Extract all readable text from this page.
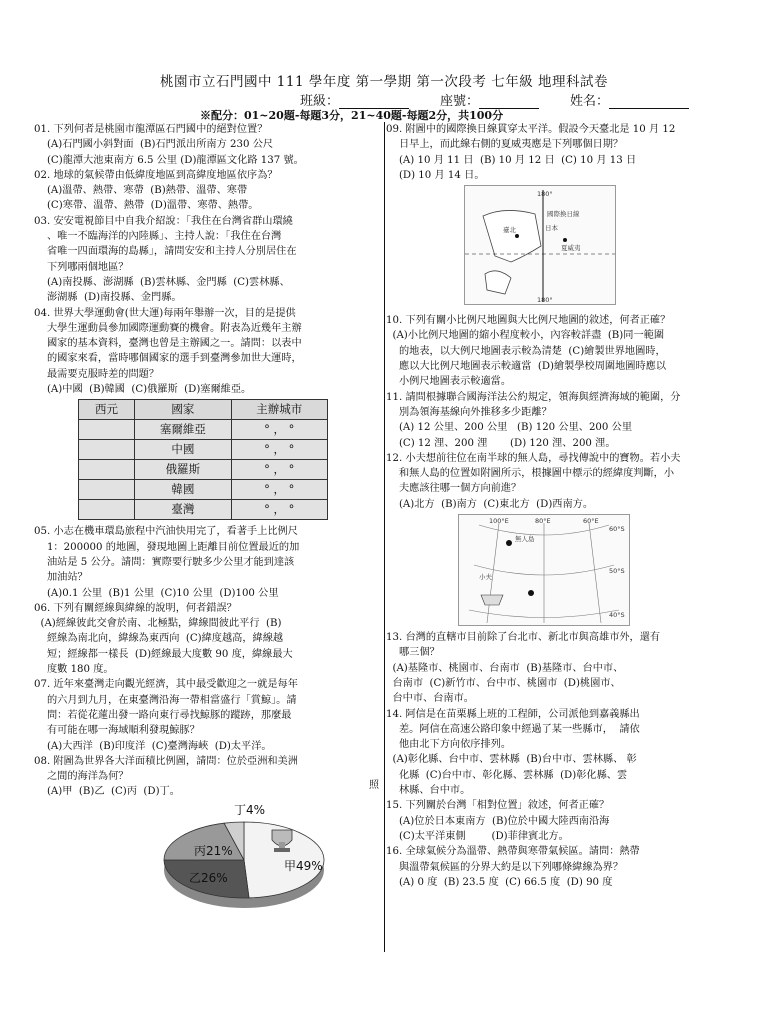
桃園市立石門國中 111 學年度 第一學期 第一次段考 七年級 地理科試卷
班級：	座號：	姓名：
※配分：01~20題-每題3分，21~40題-每題2分，共100分
照

01. 下列何者是桃園市龍潭區石門國中的絕對位置？

(A)石門國小斜對面  (B)石門派出所南方 230 公尺

(C)龍潭大池東南方 6.5 公里 (D)龍潭區文化路 137 號。

02. 地球的氣候帶由低緯度地區到高緯度地區依序為？

(A)溫帶、熱帶、寒帶  (B)熱帶、溫帶、寒帶

(C)寒帶、溫帶、熱帶  (D)溫帶、寒帶、熱帶。

03. 安安電視節目中自我介紹說：「我住在台灣省群山環繞

、唯一不臨海洋的內陸縣」、主持人說：「我住在台灣

省唯一四面環海的島縣」，請問安安和主持人分別居住在

下列哪兩個地區？

(A)南投縣、澎湖縣  (B)雲林縣、金門縣  (C)雲林縣、

澎湖縣  (D)南投縣、金門縣。

04. 世界大學運動會(世大運)每兩年舉辦一次，目的是提供

大學生運動員參加國際運動賽的機會。附表為近幾年主辦

國家的基本資料，臺灣也曾是主辦國之一。請問：以表中

的國家來看，當時哪個國家的選手到臺灣參加世大運時，

最需要克服時差的問題？

(A)中國  (B)韓國  (C)俄羅斯  (D)塞爾維亞。

西元	國家	主辦城市
	塞爾維亞	° ， °
	中國	° ， °
	俄羅斯	° ， °
	韓國	° ， °
	臺灣	° ， °

05. 小志在機車環島旅程中汽油快用完了，看著手上比例尺

1：200000 的地圖，發現地圖上距離目前位置最近的加

油站是 5 公分。請問：實際要行駛多少公里才能到達該

加油站？

(A)0.1 公里  (B)1 公里  (C)10 公里  (D)100 公里

06. 下列有關經線與緯線的說明，何者錯誤？

(A)經線彼此交會於南、北極點，緯線間彼此平行  (B)

經線為南北向，緯線為東西向  (C)緯度越高，緯線越

短；經線都一樣長  (D)經線最大度數 90 度，緯線最大

度數 180 度。

07. 近年來臺灣走向觀光經濟，其中最受歡迎之一就是每年

的六月到九月，在東臺灣沿海一帶相當盛行「賞鯨」。請

問：若從花蓮出發一路向東行尋找鯨豚的蹤跡，那麼最

有可能在哪一海域順利發現鯨豚？

(A)大西洋  (B)印度洋  (C)臺灣海峽  (D)太平洋。

08. 附圖為世界各大洋面積比例圖，請問：位於亞洲和美洲

之間的海洋為何？

(A)甲  (B)乙  (C)丙  (D)丁。

甲49%
乙26%
丙21%
丁4%

09. 附圖中的國際換日線貫穿太平洋。假設今天臺北是 10 月 12

日早上，而此線右側的夏威夷應是下列哪個日期？

(A) 10 月 11 日  (B) 10 月 12 日  (C) 10 月 13 日

(D) 10 月 14 日。

180°
180°
國際換日線
日本
臺北
夏威夷

10. 下列有關小比例尺地圖與大比例尺地圖的敘述，何者正確？

(A)小比例尺地圖的縮小程度較小，內容較詳盡  (B)同一範圍

的地表，以大例尺地圖表示較為清楚  (C)繪製世界地圖時，

應以大比例尺地圖表示較適當  (D)繪製學校周圍地圖時應以

小例尺地圖表示較適當。

11. 請問根據聯合國海洋法公約規定，領海與經濟海域的範圍，分

別為領海基線向外推移多少距離？

(A) 12 公里、200 公里   (B) 120 公里、200 公里

(C) 12 浬、200 浬       (D) 120 浬、200 浬。

12. 小夫想前往位在南半球的無人島，尋找傳說中的寶物。若小夫

和無人島的位置如附圖所示，根據圖中標示的經緯度判斷，小

夫應該往哪一個方向前進？

(A)北方  (B)南方  (C)東北方  (D)西南方。

100°E	80°E	60°E
60°S
50°S
40°S
無人島
小夫

13. 台灣的直轄市目前除了台北市、新北市與高雄市外，還有

哪三個？

(A)基隆市、桃園市、台南市  (B)基隆市、台中市、

台南市  (C)新竹市、台中市、桃園市  (D)桃園市、

台中市、台南市。

14. 阿信是在苗栗縣上班的工程師，公司派他到嘉義縣出

差。阿信在高速公路印象中經過了某一些縣市，  請依

他由北下方向依序排列。

(A)彰化縣、台中市、雲林縣  (B)台中市、雲林縣、 彰

化縣  (C)台中市、彰化縣、雲林縣  (D)彰化縣、雲

林縣、台中市。

15. 下列關於台灣「相對位置」敘述，何者正確？

(A)位於日本東南方  (B)位於中國大陸西南沿海

(C)太平洋東側        (D)菲律賓北方。

16. 全球氣候分為溫帶、熱帶與寒帶氣候區。請問：熱帶

與溫帶氣候區的分界大約是以下列哪條緯線為界？

(A) 0 度  (B) 23.5 度  (C) 66.5 度  (D) 90 度
